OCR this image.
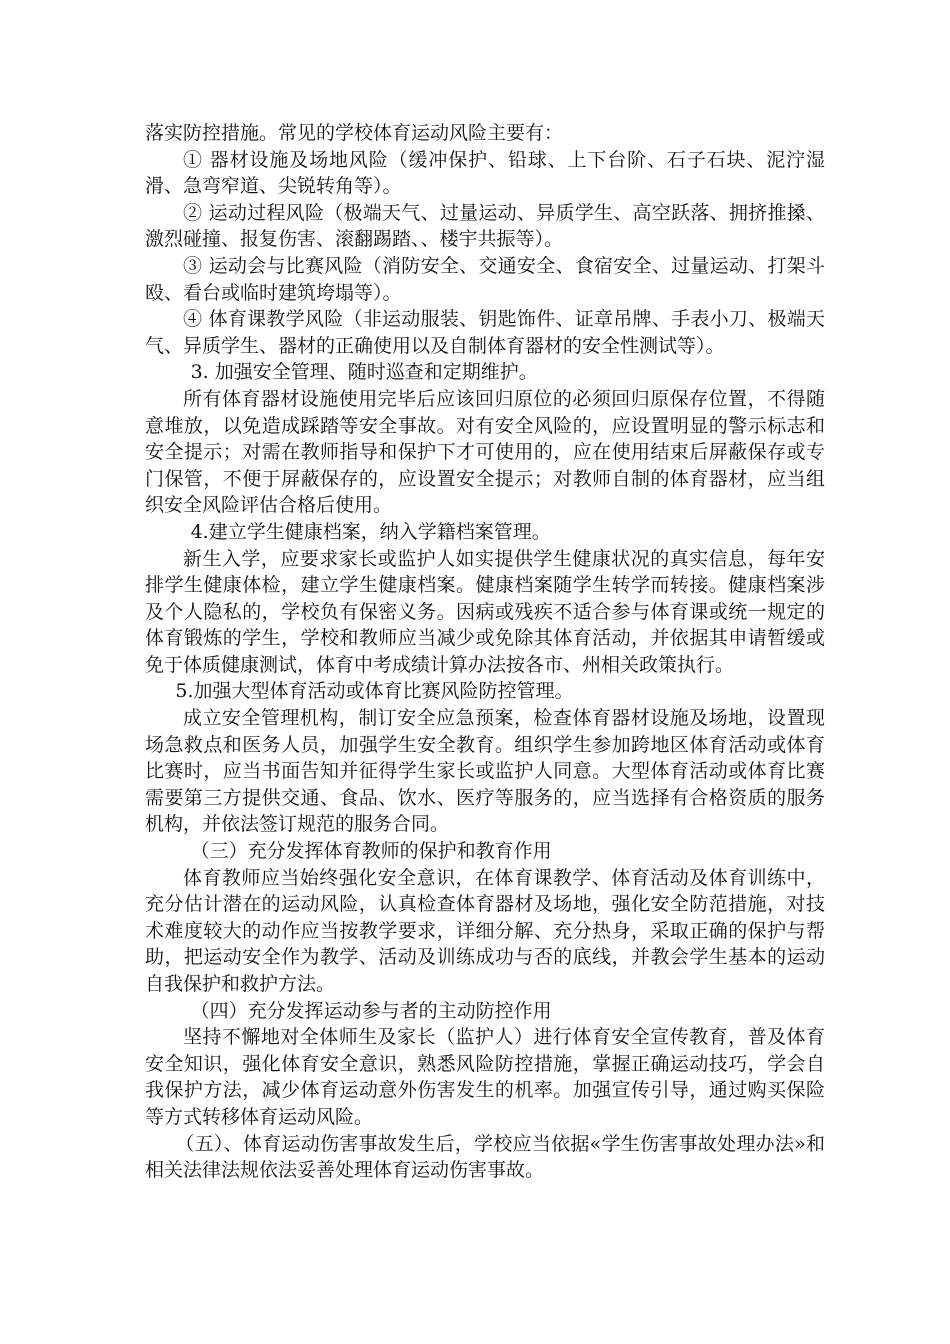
落实防控措施。常见的学校体育运动风险主要有：

① 器材设施及场地风险（缓冲保护、铅球、上下台阶、石子石块、泥泞湿滑、急弯窄道、尖锐转角等）。

② 运动过程风险（极端天气、过量运动、异质学生、高空跃落、拥挤推搡、激烈碰撞、报复伤害、滚翻踢踏、、楼宇共振等）。

③ 运动会与比赛风险（消防安全、交通安全、食宿安全、过量运动、打架斗殴、看台或临时建筑垮塌等）。

④ 体育课教学风险（非运动服装、钥匙饰件、证章吊牌、手表小刀、极端天气、异质学生、器材的正确使用以及自制体育器材的安全性测试等）。

3. 加强安全管理、随时巡查和定期维护。

所有体育器材设施使用完毕后应该回归原位的必须回归原保存位置，不得随意堆放，以免造成踩踏等安全事故。对有安全风险的，应设置明显的警示标志和安全提示；对需在教师指导和保护下才可使用的，应在使用结束后屏蔽保存或专门保管，不便于屏蔽保存的，应设置安全提示；对教师自制的体育器材，应当组织安全风险评估合格后使用。

4.建立学生健康档案，纳入学籍档案管理。

新生入学，应要求家长或监护人如实提供学生健康状况的真实信息，每年安排学生健康体检，建立学生健康档案。健康档案随学生转学而转接。健康档案涉及个人隐私的，学校负有保密义务。因病或残疾不适合参与体育课或统一规定的体育锻炼的学生，学校和教师应当减少或免除其体育活动，并依据其申请暂缓或免于体质健康测试，体育中考成绩计算办法按各市、州相关政策执行。

5.加强大型体育活动或体育比赛风险防控管理。

成立安全管理机构，制订安全应急预案，检查体育器材设施及场地，设置现场急救点和医务人员，加强学生安全教育。组织学生参加跨地区体育活动或体育比赛时，应当书面告知并征得学生家长或监护人同意。大型体育活动或体育比赛需要第三方提供交通、食品、饮水、医疗等服务的，应当选择有合格资质的服务机构，并依法签订规范的服务合同。

（三）充分发挥体育教师的保护和教育作用

体育教师应当始终强化安全意识，在体育课教学、体育活动及体育训练中，充分估计潜在的运动风险，认真检查体育器材及场地，强化安全防范措施，对技术难度较大的动作应当按教学要求，详细分解、充分热身，采取正确的保护与帮助，把运动安全作为教学、活动及训练成功与否的底线，并教会学生基本的运动自我保护和救护方法。

（四）充分发挥运动参与者的主动防控作用

坚持不懈地对全体师生及家长（监护人）进行体育安全宣传教育，普及体育安全知识，强化体育安全意识，熟悉风险防控措施，掌握正确运动技巧，学会自我保护方法，减少体育运动意外伤害发生的机率。加强宣传引导，通过购买保险等方式转移体育运动风险。

（五）、体育运动伤害事故发生后，学校应当依据«学生伤害事故处理办法»和相关法律法规依法妥善处理体育运动伤害事故。
